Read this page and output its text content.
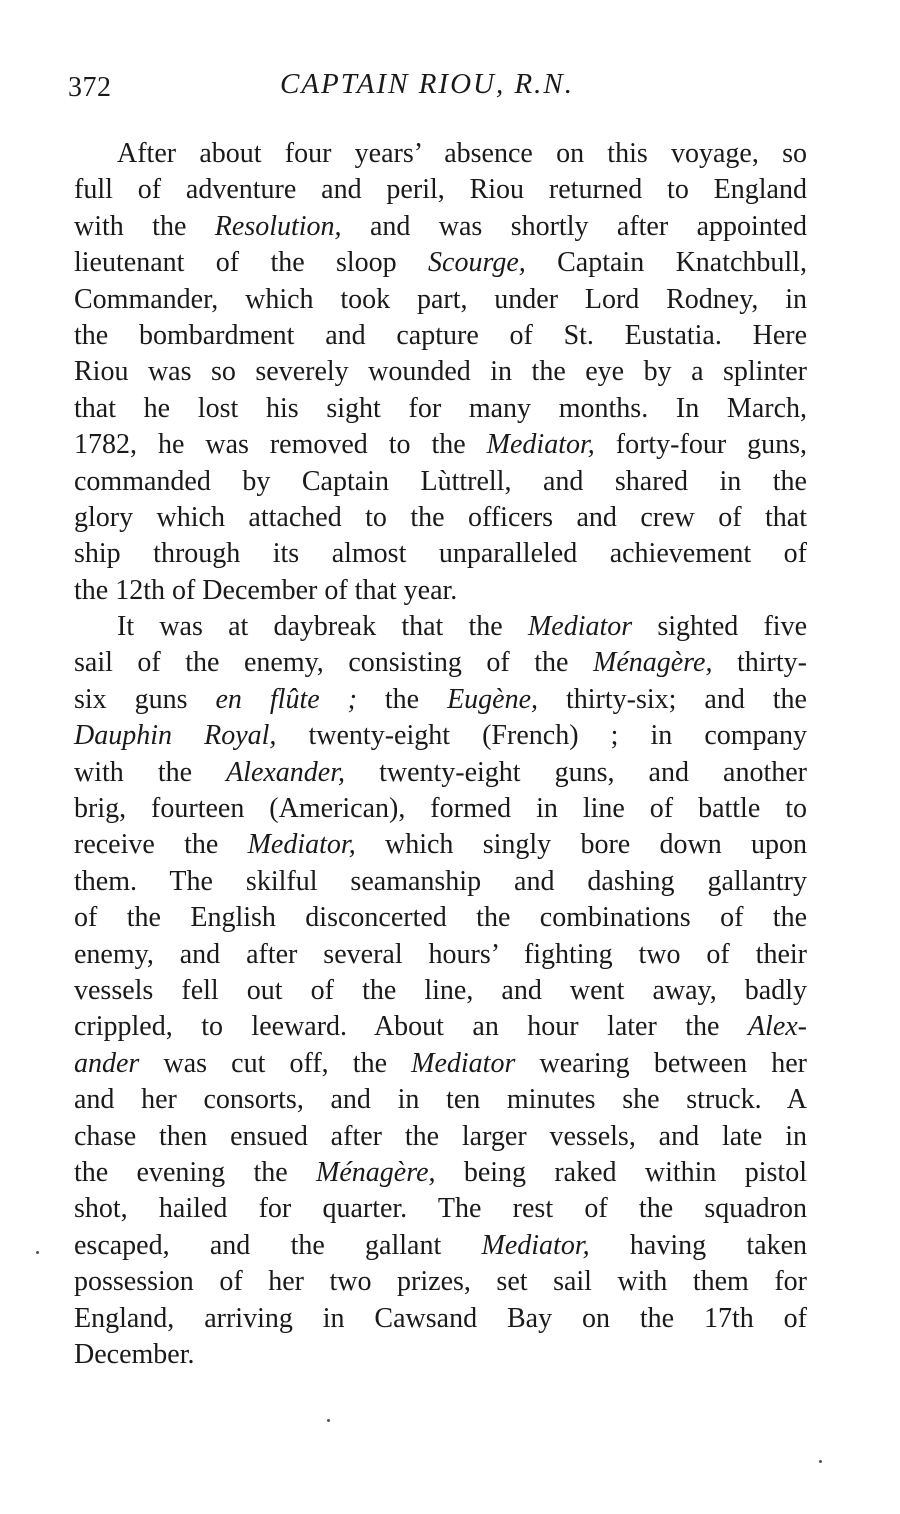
372	CAPTAIN RIOU, R.N.
After about four years’ absence on this voyage, so
full of adventure and peril, Riou returned to England
with the Resolution, and was shortly after appointed
lieutenant of the sloop Scourge, Captain Knatchbull,
Commander, which took part, under Lord Rodney, in
the bombardment and capture of St. Eustatia. Here
Riou was so severely wounded in the eye by a splinter
that he lost his sight for many months. In March,
1782, he was removed to the Mediator, forty-four guns,
commanded by Captain Lùttrell, and shared in the
glory which attached to the officers and crew of that
ship through its almost unparalleled achievement of
the 12th of December of that year.
It was at daybreak that the Mediator sighted five
sail of the enemy, consisting of the Ménagère, thirty-
six guns en flûte ; the Eugène, thirty-six; and the
Dauphin Royal, twenty-eight (French) ; in company
with the Alexander, twenty-eight guns, and another
brig, fourteen (American), formed in line of battle to
receive the Mediator, which singly bore down upon
them. The skilful seamanship and dashing gallantry
of the English disconcerted the combinations of the
enemy, and after several hours’ fighting two of their
vessels fell out of the line, and went away, badly
crippled, to leeward. About an hour later the Alex-
ander was cut off, the Mediator wearing between her
and her consorts, and in ten minutes she struck. A
chase then ensued after the larger vessels, and late in
the evening the Ménagère, being raked within pistol
shot, hailed for quarter. The rest of the squadron
escaped, and the gallant Mediator, having taken
possession of her two prizes, set sail with them for
England, arriving in Cawsand Bay on the 17th of
December.
